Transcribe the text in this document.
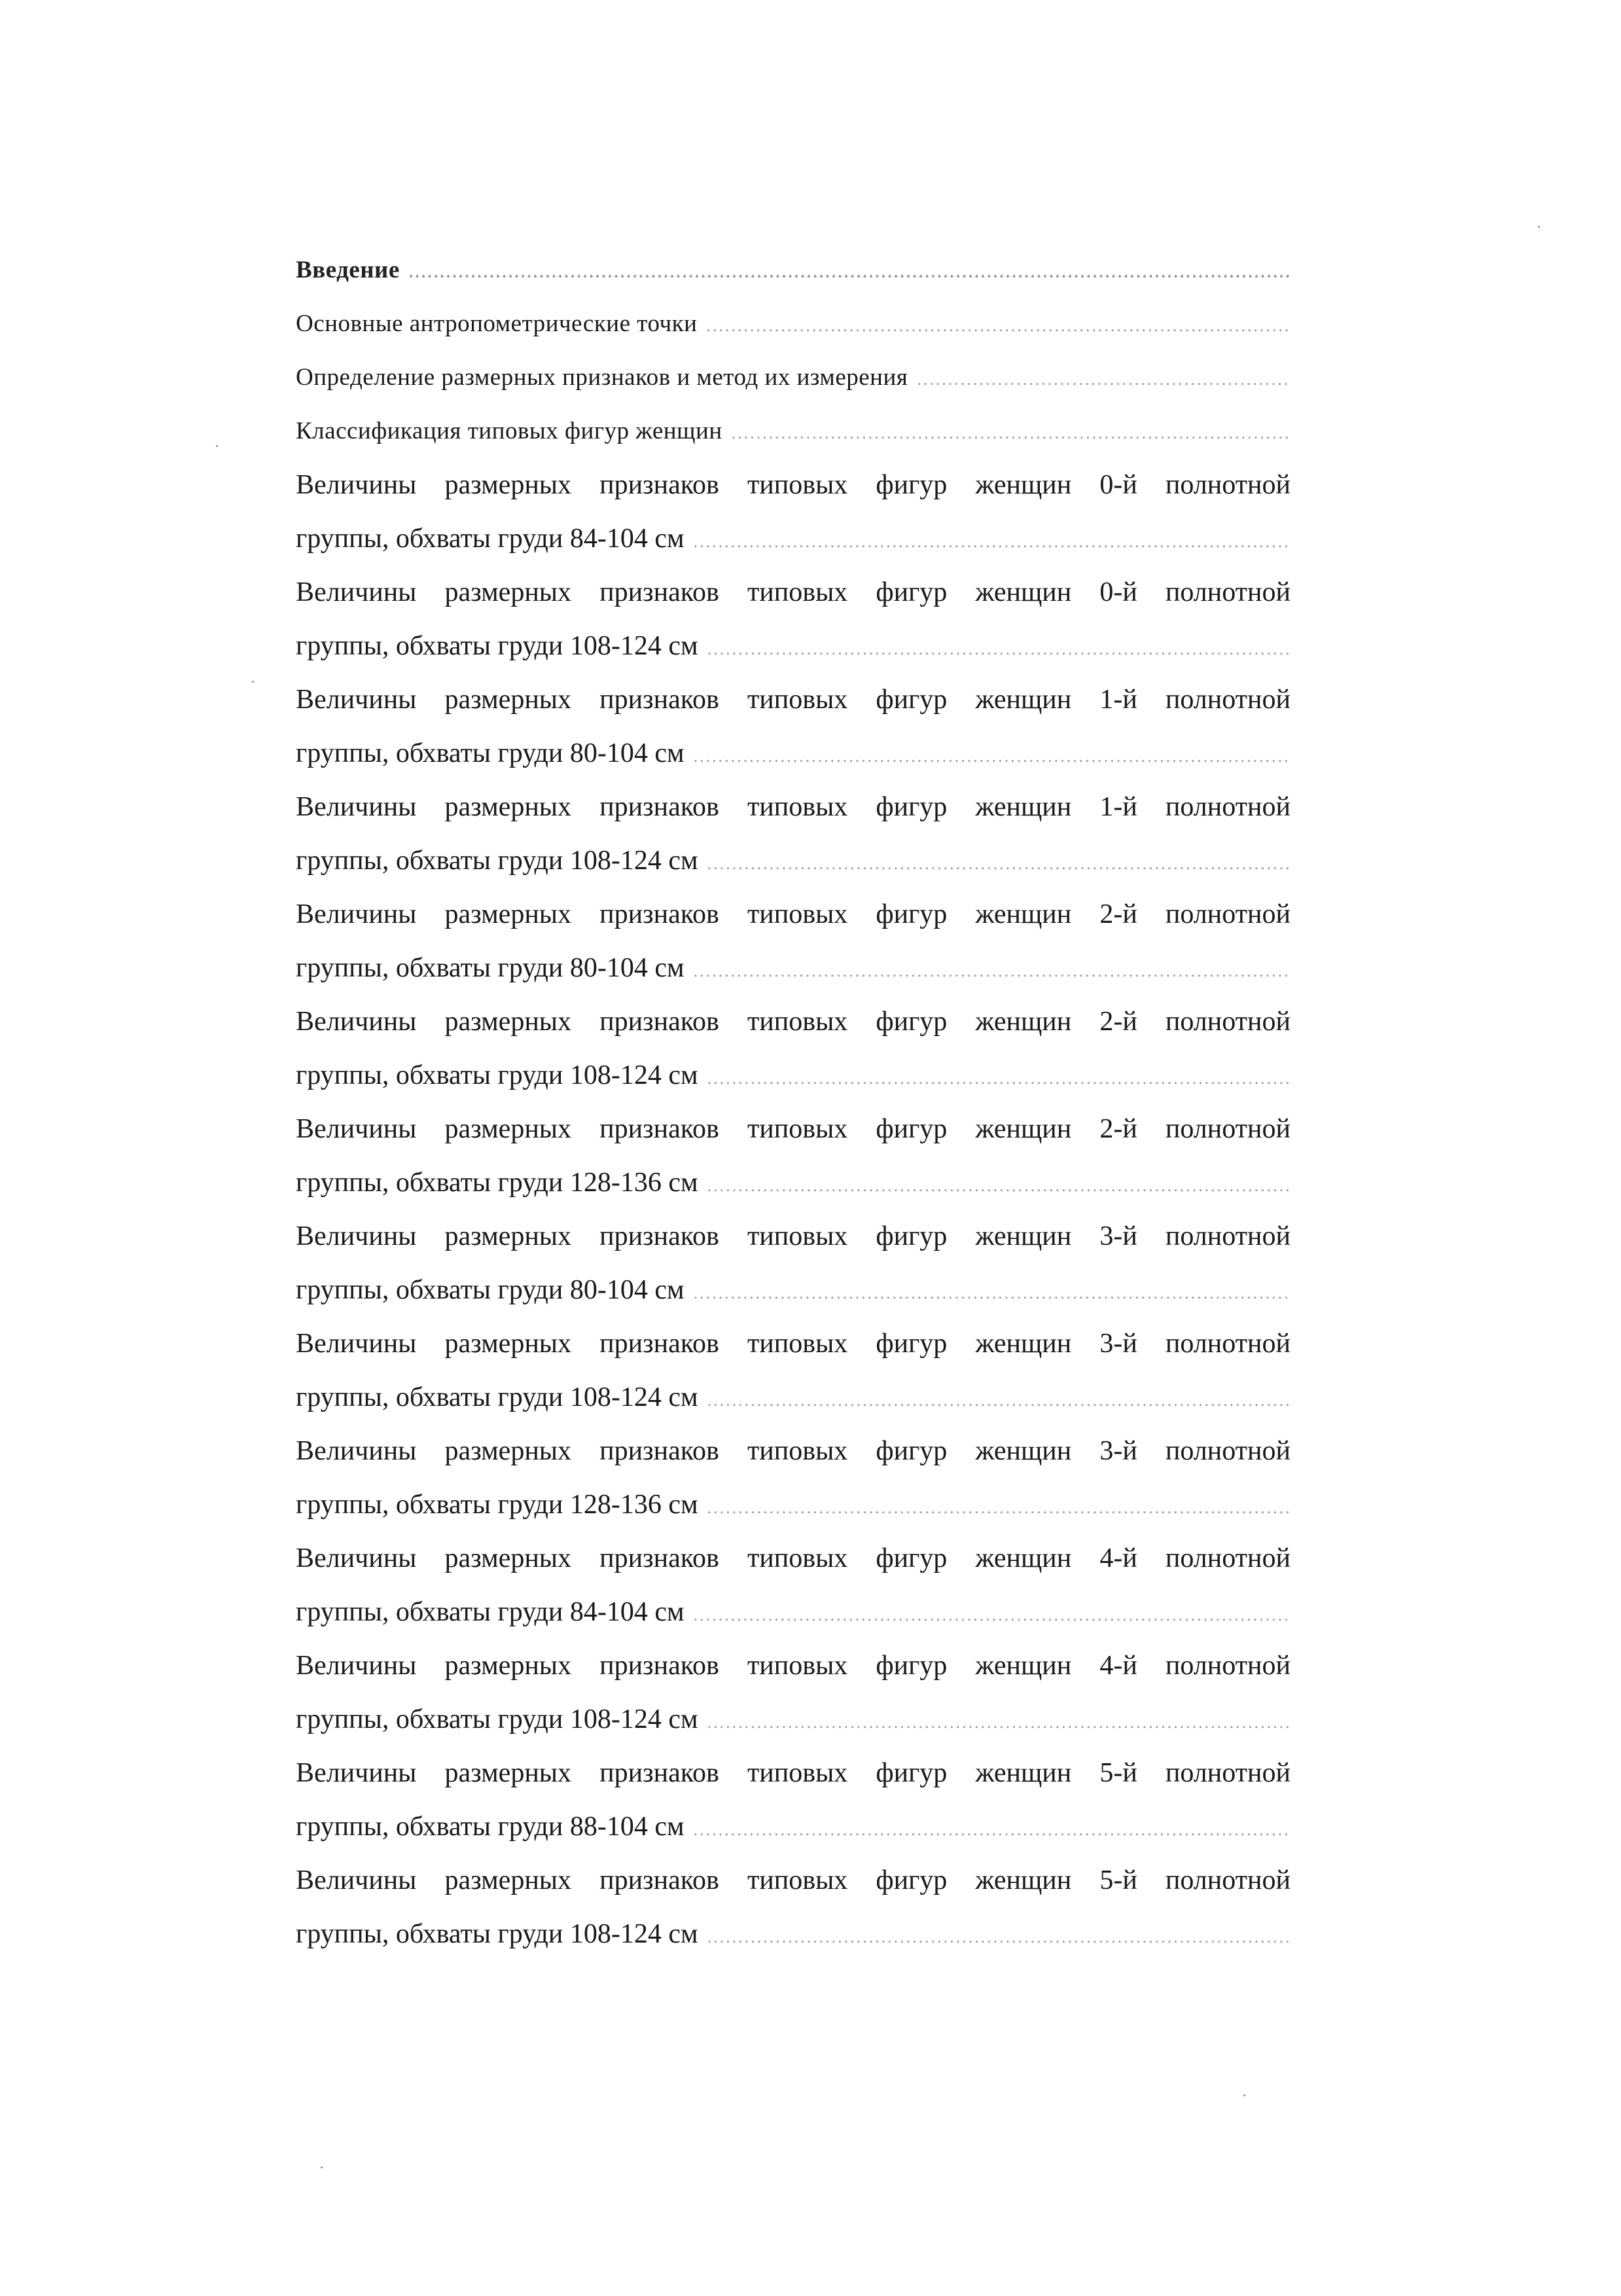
Введение
.....
Основные антропометрические точки
.....
Определение размерных признаков и метод их измерения
.....
Классификация типовых фигур женщин
.....
Величины размерных признаков типовых фигур женщин 0-й полнотной
группы, обхваты груди 84-104 см
.....
Величины размерных признаков типовых фигур женщин 0-й полнотной
группы, обхваты груди 108-124 см
.....
Величины размерных признаков типовых фигур женщин 1-й полнотной
группы, обхваты груди 80-104 см
.....
Величины размерных признаков типовых фигур женщин 1-й полнотной
группы, обхваты груди 108-124 см
.....
Величины размерных признаков типовых фигур женщин 2-й полнотной
группы, обхваты груди 80-104 см
.....
Величины размерных признаков типовых фигур женщин 2-й полнотной
группы, обхваты груди 108-124 см
.....
Величины размерных признаков типовых фигур женщин 2-й полнотной
группы, обхваты груди 128-136 см
.....
Величины размерных признаков типовых фигур женщин 3-й полнотной
группы, обхваты груди 80-104 см
.....
Величины размерных признаков типовых фигур женщин 3-й полнотной
группы, обхваты груди 108-124 см
.....
Величины размерных признаков типовых фигур женщин 3-й полнотной
группы, обхваты груди 128-136 см
.....
Величины размерных признаков типовых фигур женщин 4-й полнотной
группы, обхваты груди 84-104 см
.....
Величины размерных признаков типовых фигур женщин 4-й полнотной
группы, обхваты груди 108-124 см
.....
Величины размерных признаков типовых фигур женщин 5-й полнотной
группы, обхваты груди 88-104 см
.....
Величины размерных признаков типовых фигур женщин 5-й полнотной
группы, обхваты груди 108-124 см
.....
